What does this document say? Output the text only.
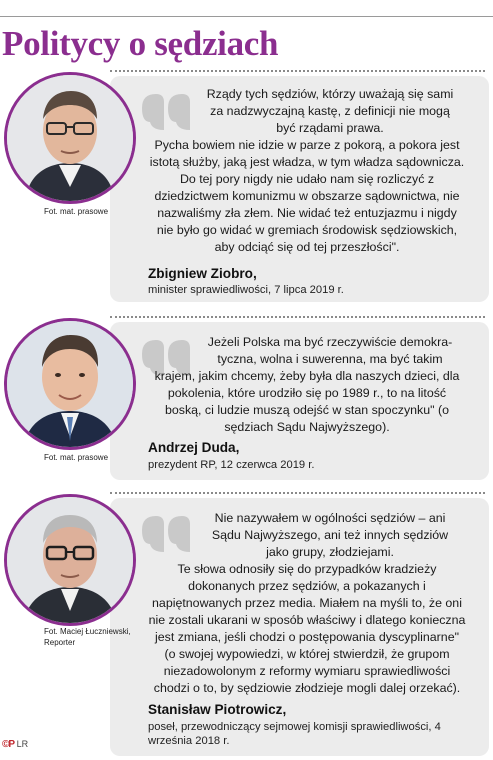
Politycy o sędziach
Fot. mat. prasowe

Rządy tych sędziów, którzy uważają się sami
za nadzwyczajną kastę, z definicji nie mogą
być rządami prawa.
Pycha bowiem nie idzie w parze z pokorą, a pokora jest istotą służby, jaką jest władza, w tym władza sądownicza. Do tej pory nigdy nie udało nam się rozliczyć z dziedzictwem komunizmu w obszarze sądownictwa, nie nazwaliśmy zła złem. Nie widać też entuzjazmu i nigdy nie było go widać w gremiach środowisk sędziowskich, aby odciąć się od tej przeszłości".

Zbigniew Ziobro,
minister sprawiedliwości, 7 lipca 2019 r.
Fot. mat. prasowe

Jeżeli Polska ma być rzeczywiście demokra-
tyczna, wolna i suwerenna, ma być takim
krajem, jakim chcemy, żeby była dla naszych dzieci, dla pokolenia, które urodziło się po 1989 r., to na litość boską, ci ludzie muszą odejść w stan spoczynku" (o sędziach Sądu Najwyższego).

Andrzej Duda,
prezydent RP, 12 czerwca 2019 r.
Fot. Maciej Łuczniewski, Reporter

Nie nazywałem w ogólności sędziów – ani
Sądu Najwyższego, ani też innych sędziów
jako grupy, złodziejami.
Te słowa odnosiły się do przypadków kradzieży dokonanych przez sędziów, a pokazanych i napiętnowanych przez media. Miałem na myśli to, że oni nie zostali ukarani w sposób właściwy i dlatego konieczna jest zmiana, jeśli chodzi o postępowania dyscyplinarne" (o swojej wypowiedzi, w której stwierdził, że grupom niezadowolonym z reformy wymiaru sprawiedliwości chodzi o to, by sędziowie złodzieje mogli dalej orzekać).

Stanisław Piotrowicz,
poseł, przewodniczący sejmowej komisji sprawiedliwości, 4 września 2018 r.
©P LR
